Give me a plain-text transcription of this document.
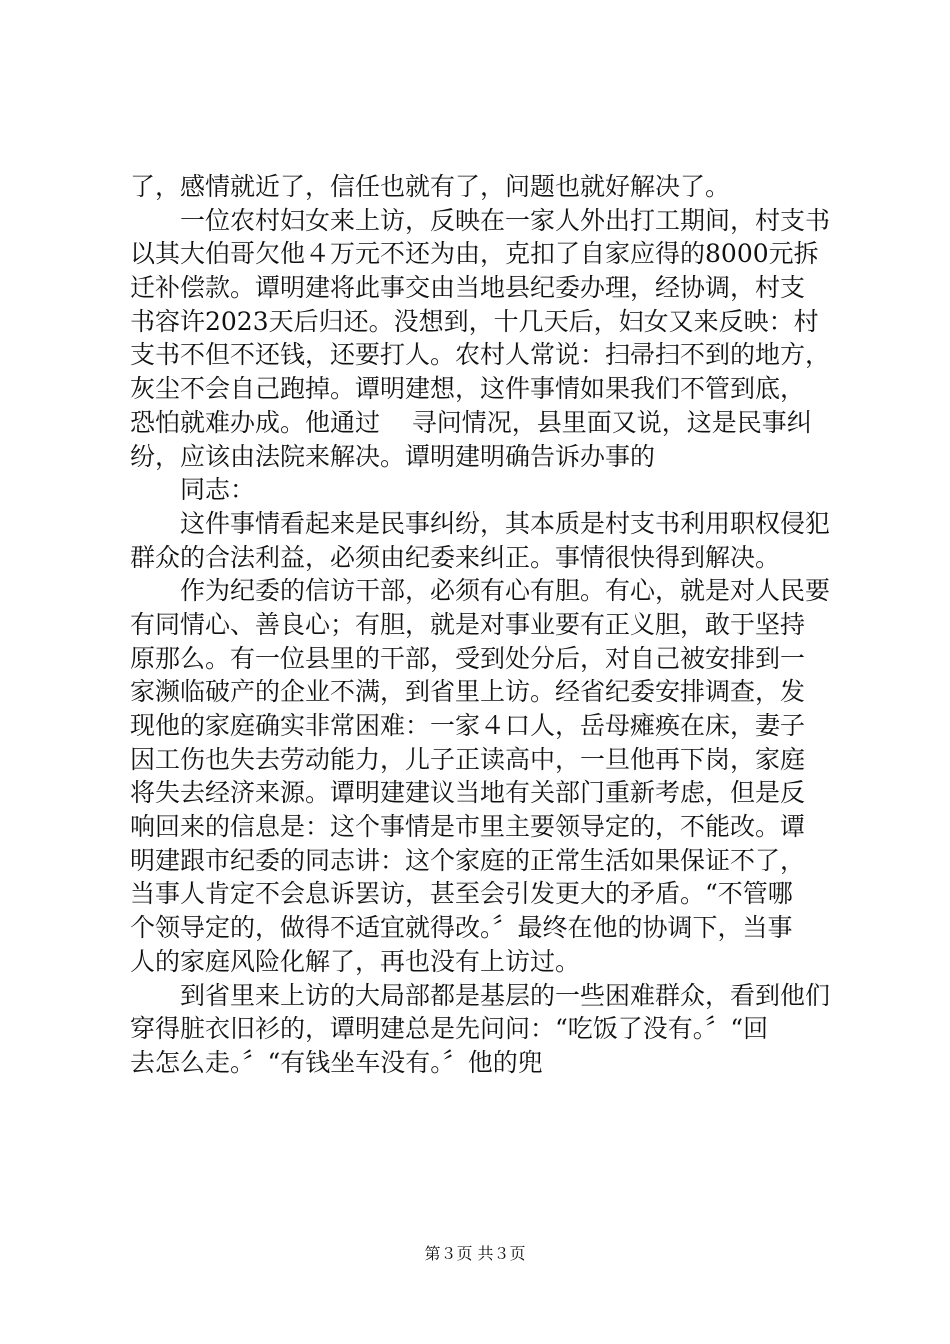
了，感情就近了，信任也就有了，问题也就好解决了。
一位农村妇女来上访，反映在一家人外出打工期间，村支书
以其大伯哥欠他４万元不还为由，克扣了自家应得的8000元拆
迁补偿款。谭明建将此事交由当地县纪委办理，经协调，村支
书容许2023天后归还。没想到，十几天后，妇女又来反映：村
支书不但不还钱，还要打人。农村人常说：扫帚扫不到的地方，
灰尘不会自己跑掉。谭明建想，这件事情如果我们不管到底，
恐怕就难办成。他通过    寻问情况，县里面又说，这是民事纠
纷，应该由法院来解决。谭明建明确告诉办事的
同志：
这件事情看起来是民事纠纷，其本质是村支书利用职权侵犯
群众的合法利益，必须由纪委来纠正。事情很快得到解决。
作为纪委的信访干部，必须有心有胆。有心，就是对人民要
有同情心、善良心；有胆，就是对事业要有正义胆，敢于坚持
原那么。有一位县里的干部，受到处分后，对自己被安排到一
家濒临破产的企业不满，到省里上访。经省纪委安排调查，发
现他的家庭确实非常困难：一家４口人，岳母瘫痪在床，妻子
因工伤也失去劳动能力，儿子正读高中，一旦他再下岗，家庭
将失去经济来源。谭明建建议当地有关部门重新考虑，但是反
响回来的信息是：这个事情是市里主要领导定的，不能改。谭
明建跟市纪委的同志讲：这个家庭的正常生活如果保证不了，
当事人肯定不会息诉罢访，甚至会引发更大的矛盾。“不管哪
个领导定的，做得不适宜就得改。〞最终在他的协调下，当事
人的家庭风险化解了，再也没有上访过。
到省里来上访的大局部都是基层的一些困难群众，看到他们
穿得脏衣旧衫的，谭明建总是先问问：“吃饭了没有。〞“回
去怎么走。〞“有钱坐车没有。〞他的兜
第３页 共３页
